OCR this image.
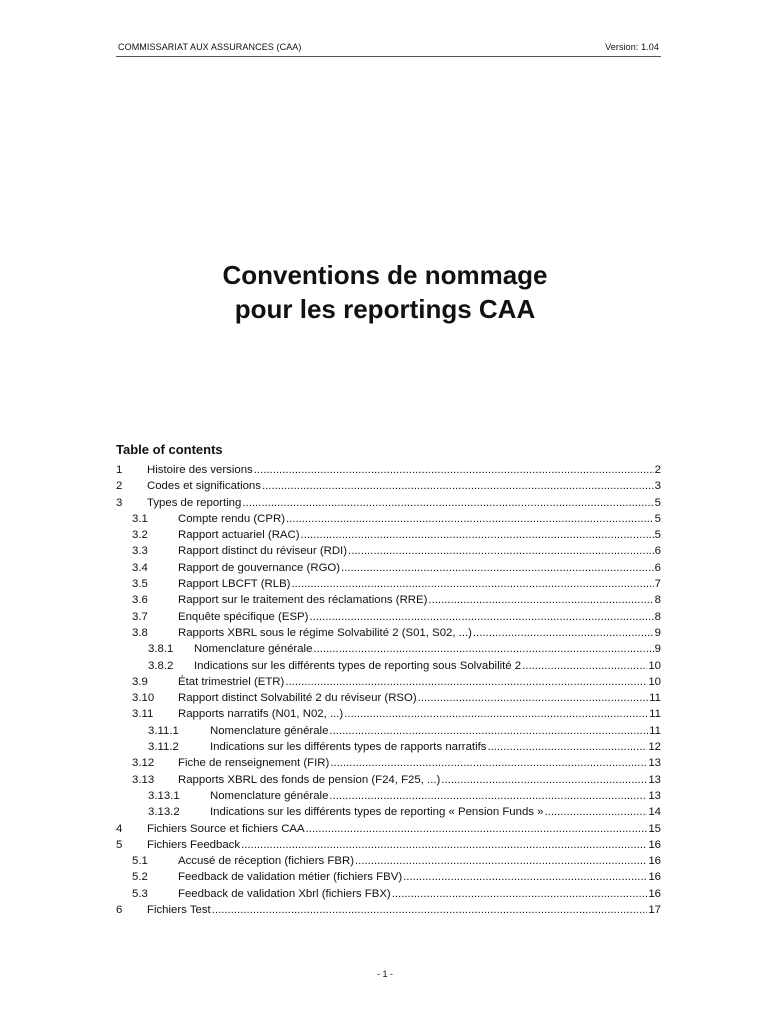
COMMISSARIAT AUX ASSURANCES (CAA)	Version: 1.04
Conventions de nommage
pour les reportings CAA
Table of contents
1	Histoire des versions .....	2
2	Codes et significations .....	3
3	Types de reporting .....	5
3.1	Compte rendu (CPR) .....	5
3.2	Rapport actuariel (RAC) .....	5
3.3	Rapport distinct du réviseur (RDI) .....	6
3.4	Rapport de gouvernance (RGO) .....	6
3.5	Rapport LBCFT (RLB) .....	7
3.6	Rapport sur le traitement des réclamations (RRE) .....	8
3.7	Enquête spécifique (ESP) .....	8
3.8	Rapports XBRL sous le régime Solvabilité 2 (S01, S02, ...) .....	9
3.8.1	Nomenclature générale .....	9
3.8.2	Indications sur les différents types de reporting sous Solvabilité 2 .....	10
3.9	État trimestriel (ETR) .....	10
3.10	Rapport distinct Solvabilité 2 du réviseur (RSO) .....	11
3.11	Rapports narratifs (N01, N02, ...) .....	11
3.11.1	Nomenclature générale .....	11
3.11.2	Indications sur les différents types de rapports narratifs .....	12
3.12	Fiche de renseignement (FIR) .....	13
3.13	Rapports XBRL des fonds de pension (F24, F25, ...) .....	13
3.13.1	Nomenclature générale .....	13
3.13.2	Indications sur les différents types de reporting « Pension Funds » .....	14
4	Fichiers Source et fichiers CAA .....	15
5	Fichiers Feedback .....	16
5.1	Accusé de réception (fichiers FBR) .....	16
5.2	Feedback de validation métier (fichiers FBV) .....	16
5.3	Feedback de validation Xbrl (fichiers FBX) .....	16
6	Fichiers Test .....	17
- 1 -
